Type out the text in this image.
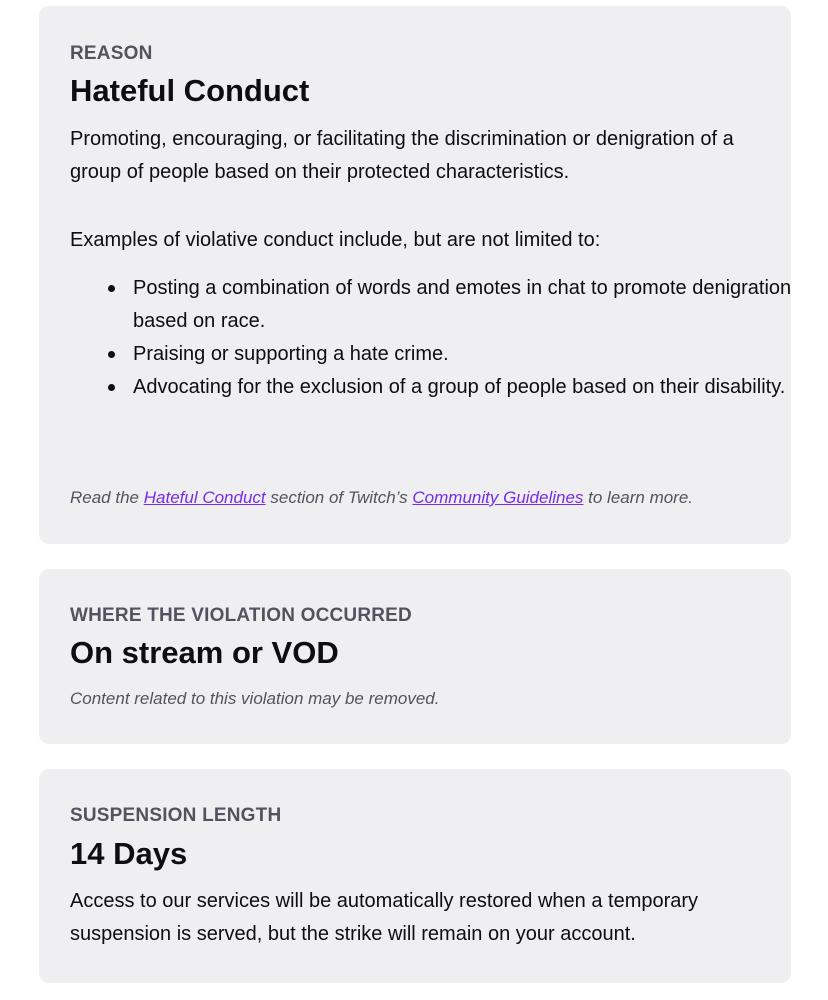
REASON

Hateful Conduct

Promoting, encouraging, or facilitating the discrimination or denigration of a group of people based on their protected characteristics.

Examples of violative conduct include, but are not limited to:

Posting a combination of words and emotes in chat to promote denigration based on race.
Praising or supporting a hate crime.
Advocating for the exclusion of a group of people based on their disability.

Read the Hateful Conduct section of Twitch’s Community Guidelines to learn more.

WHERE THE VIOLATION OCCURRED

On stream or VOD

Content related to this violation may be removed.

SUSPENSION LENGTH

14 Days

Access to our services will be automatically restored when a temporary suspension is served, but the strike will remain on your account.
